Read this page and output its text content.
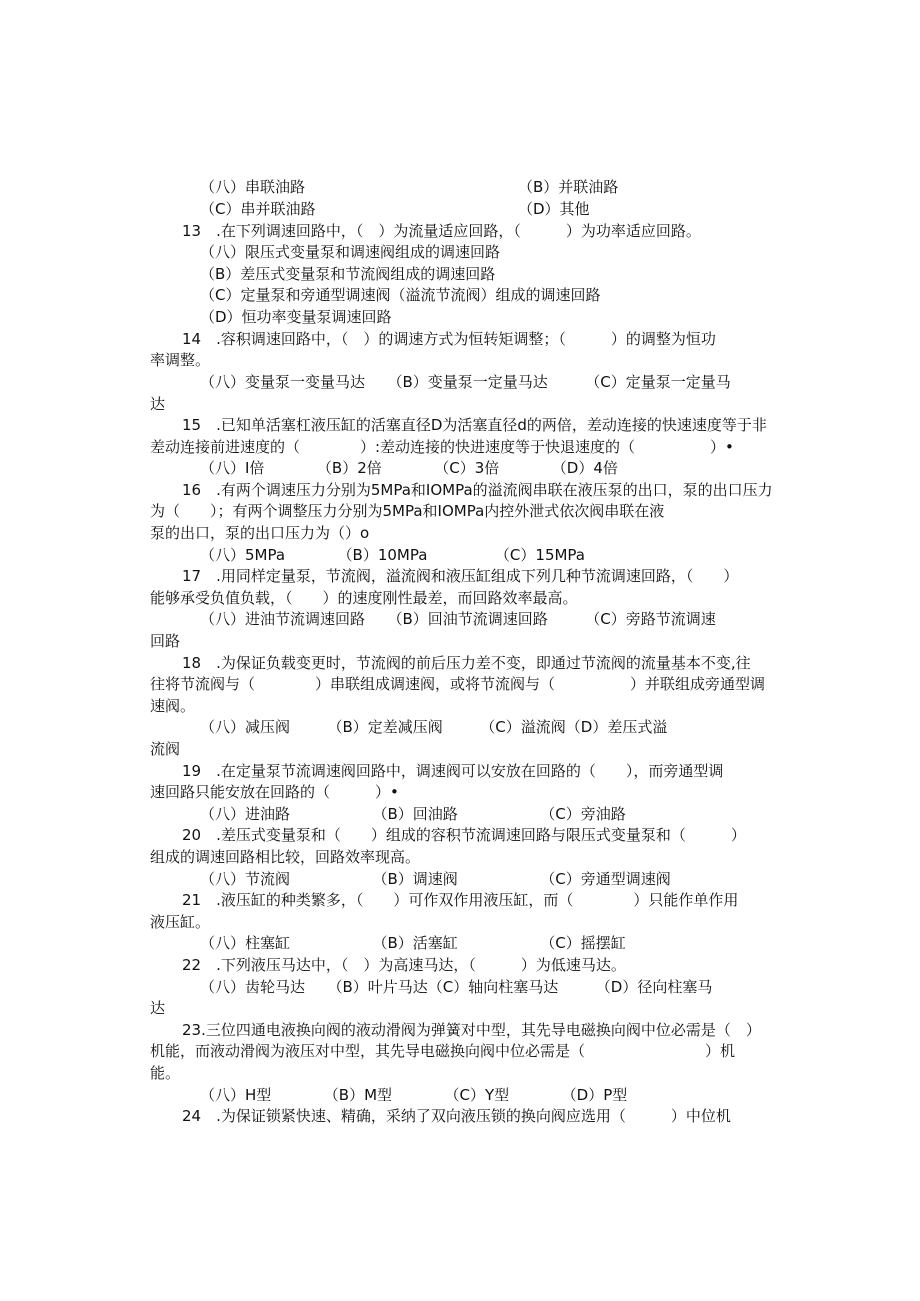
（八）串联油路	（B）并联油路
（C）串并联油路	（D）其他
13　.在下列调速回路中，（　）为流量适应回路，（　　　）为功率适应回路。
（八）限压式变量泵和调速阀组成的调速回路
（B）差压式变量泵和节流阀组成的调速回路
（C）定量泵和旁通型调速阀（溢流节流阀）组成的调速回路
（D）恒功率变量泵调速回路
14　.容积调速回路中，（　）的调速方式为恒转矩调整；（　　　）的调整为恒功
率调整。
（八）变量泵一变量马达　　（B）变量泵一定量马达　　　（C）定量泵一定量马
达
15　.已知单活塞杠液压缸的活塞直径D为活塞直径d的两倍，差动连接的快速速度等于非
差动连接前进速度的（　　　　）:差动连接的快进速度等于快退速度的（　　　　　）•
（八）I倍　　　　（B）2倍　　　　（C）3倍　　　　（D）4倍
16　.有两个调速压力分别为5MPa和IOMPa的溢流阀串联在液压泵的出口，泵的出口压力
为（　　）；有两个调整压力分别为5MPa和IOMPa内控外泄式依次阀串联在液
泵的出口，泵的出口压力为（）o
（八）5MPa　　　　（B）10MPa　　　　　（C）15MPa
17　.用同样定量泵，节流阀，溢流阀和液压缸组成下列几种节流调速回路，（　　）
能够承受负值负载，（　　）的速度刚性最差，而回路效率最高。
（八）进油节流调速回路　　（B）回油节流调速回路　　　（C）旁路节流调速
回路
18　.为保证负载变更时，节流阀的前后压力差不变，即通过节流阀的流量基本不变,往
往将节流阀与（　　　　）串联组成调速阀，或将节流阀与（　　　　　）并联组成旁通型调
速阀。
（八）减压阀　　　（B）定差减压阀　　　（C）溢流阀（D）差压式溢
流阀
19　.在定量泵节流调速阀回路中，调速阀可以安放在回路的（　　），而旁通型调
速回路只能安放在回路的（　　　）•
（八）进油路　　　　　　（B）回油路　　　　　　（C）旁油路
20　.差压式变量泵和（　　）组成的容积节流调速回路与限压式变量泵和（　　　）
组成的调速回路相比较，回路效率现高。
（八）节流阀　　　　　　（B）调速阀　　　　　　（C）旁通型调速阀
21　.液压缸的种类繁多，（　　）可作双作用液压缸，而（　　　　）只能作单作用
液压缸。
（八）柱塞缸　　　　　　（B）活塞缸　　　　　　（C）摇摆缸
22　.下列液压马达中，（　）为高速马达，（　　　）为低速马达。
（八）齿轮马达　　（B）叶片马达（C）轴向柱塞马达　　　（D）径向柱塞马
达
23.三位四通电液换向阀的液动滑阀为弹簧对中型，其先导电磁换向阀中位必需是（　）
机能，而液动滑阀为液压对中型，其先导电磁换向阀中位必需是（　　　　　　　　）机
能。
（八）H型　　　　（B）M型　　　　（C）Y型　　　　（D）P型
24　.为保证锁紧快速、精确，采纳了双向液压锁的换向阀应选用（　　　）中位机
